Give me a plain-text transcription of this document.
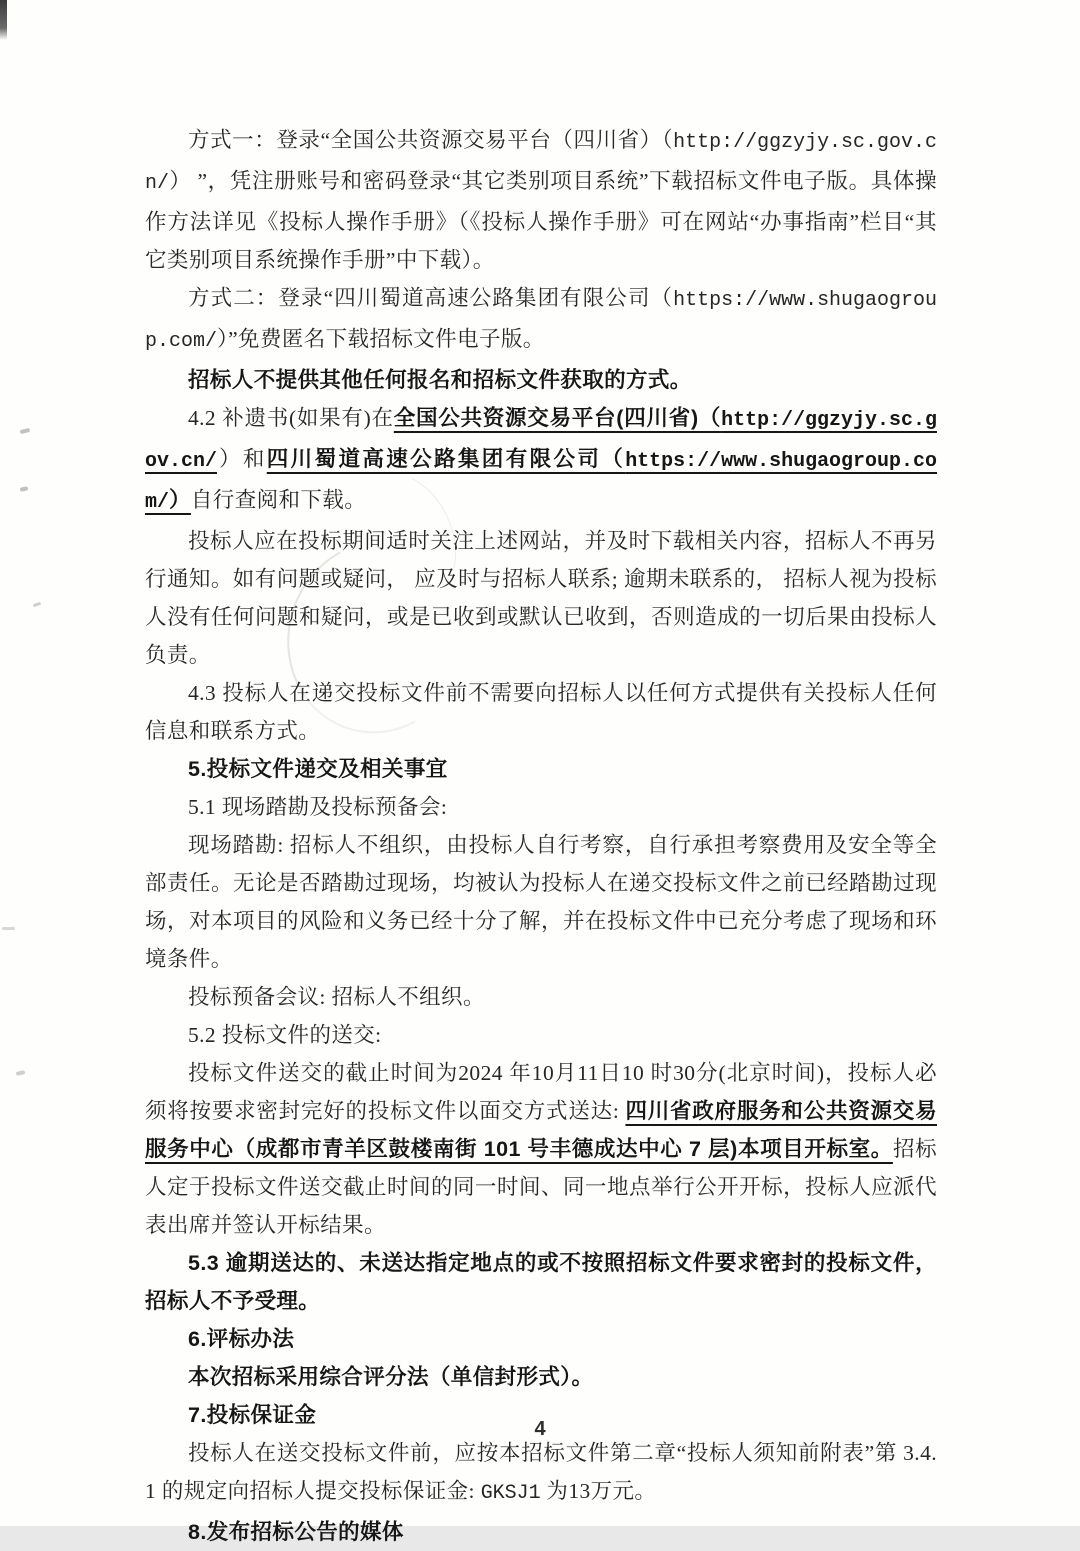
方式一：登录“全国公共资源交易平台（四川省）（http://ggzyjy.sc.gov.cn/） ”，凭注册账号和密码登录“其它类别项目系统”下载招标文件电子版。具体操作方法详见《投标人操作手册》（《投标人操作手册》可在网站“办事指南”栏目“其它类别项目系统操作手册”中下载）。

方式二：登录“四川蜀道高速公路集团有限公司（https://www.shugaogroup.com/）”免费匿名下载招标文件电子版。

招标人不提供其他任何报名和招标文件获取的方式。

4.2 补遗书(如果有)在全国公共资源交易平台(四川省)（http://ggzyjy.sc.gov.cn/）和四川蜀道高速公路集团有限公司（https://www.shugaogroup.com/）自行查阅和下载。

投标人应在投标期间适时关注上述网站，并及时下载相关内容，招标人不再另行通知。如有问题或疑问， 应及时与招标人联系; 逾期未联系的， 招标人视为投标人没有任何问题和疑问，或是已收到或默认已收到，否则造成的一切后果由投标人负责。

4.3 投标人在递交投标文件前不需要向招标人以任何方式提供有关投标人任何信息和联系方式。

5.投标文件递交及相关事宜

5.1 现场踏勘及投标预备会:

现场踏勘: 招标人不组织，由投标人自行考察，自行承担考察费用及安全等全部责任。无论是否踏勘过现场，均被认为投标人在递交投标文件之前已经踏勘过现场，对本项目的风险和义务已经十分了解，并在投标文件中已充分考虑了现场和环境条件。

投标预备会议: 招标人不组织。

5.2 投标文件的送交:

投标文件送交的截止时间为2024 年10月11日10 时30分(北京时间)，投标人必须将按要求密封完好的投标文件以面交方式送达: 四川省政府服务和公共资源交易服务中心（成都市青羊区鼓楼南街 101 号丰德成达中心 7 层)本项目开标室。招标人定于投标文件送交截止时间的同一时间、同一地点举行公开开标，投标人应派代表出席并签认开标结果。

5.3 逾期送达的、未送达指定地点的或不按照招标文件要求密封的投标文件，招标人不予受理。

6.评标办法

本次招标采用综合评分法（单信封形式）。

7.投标保证金

投标人在送交投标文件前，应按本招标文件第二章“投标人须知前附表”第 3.4.1 的规定向招标人提交投标保证金: GKSJ1 为13万元。

8.发布招标公告的媒体

4
